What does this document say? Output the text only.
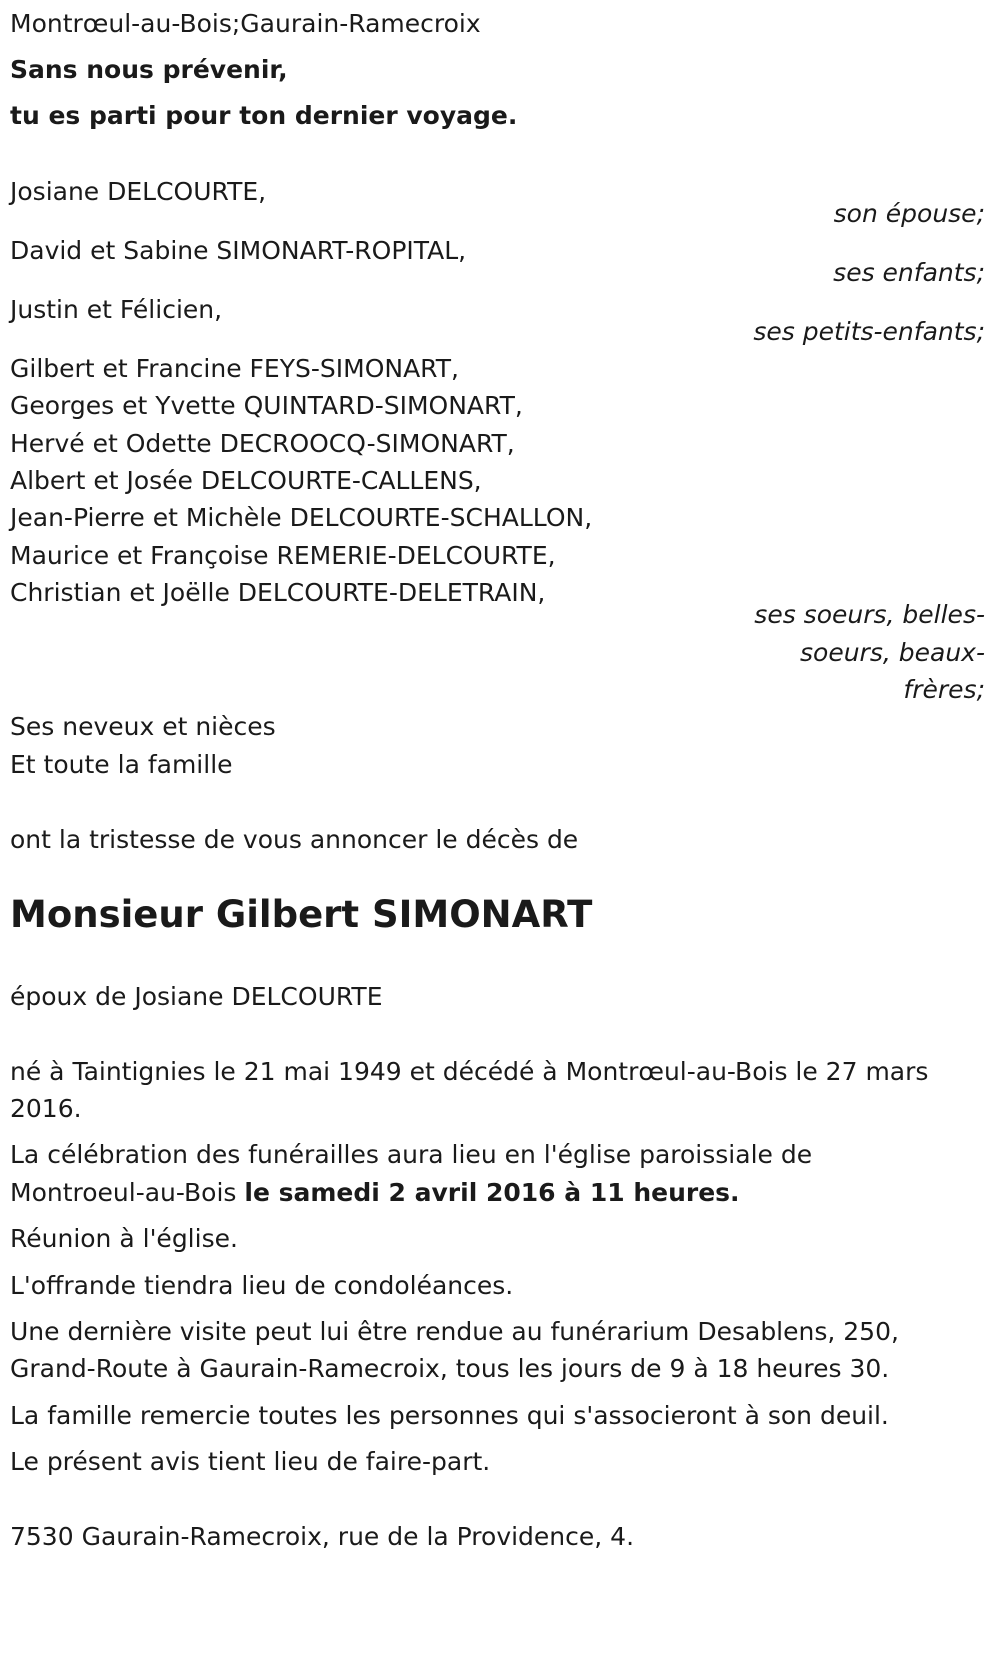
Montrœul-au-Bois;Gaurain-Ramecroix
Sans nous prévenir,
tu es parti pour ton dernier voyage.
Josiane DELCOURTE,
son épouse;
David et Sabine SIMONART-ROPITAL,
ses enfants;
Justin et Félicien,
ses petits-enfants;
Gilbert et Francine FEYS-SIMONART,
Georges et Yvette QUINTARD-SIMONART,
Hervé et Odette DECROOCQ-SIMONART,
Albert et Josée DELCOURTE-CALLENS,
Jean-Pierre et Michèle DELCOURTE-SCHALLON,
Maurice et Françoise REMERIE-DELCOURTE,
Christian et Joëlle DELCOURTE-DELETRAIN,
ses soeurs, belles-
soeurs, beaux-
frères;
Ses neveux et nièces
Et toute la famille
ont la tristesse de vous annoncer le décès de
Monsieur Gilbert SIMONART
époux de Josiane DELCOURTE
né à Taintignies le 21 mai 1949 et décédé à Montrœul-au-Bois le 27 mars
2016.
La célébration des funérailles aura lieu en l'église paroissiale de
Montroeul-au-Bois le samedi 2 avril 2016 à 11 heures.
Réunion à l'église.
L'offrande tiendra lieu de condoléances.
Une dernière visite peut lui être rendue au funérarium Desablens, 250,
Grand-Route à Gaurain-Ramecroix, tous les jours de 9 à 18 heures 30.
La famille remercie toutes les personnes qui s'associeront à son deuil.
Le présent avis tient lieu de faire-part.
7530 Gaurain-Ramecroix, rue de la Providence, 4.
